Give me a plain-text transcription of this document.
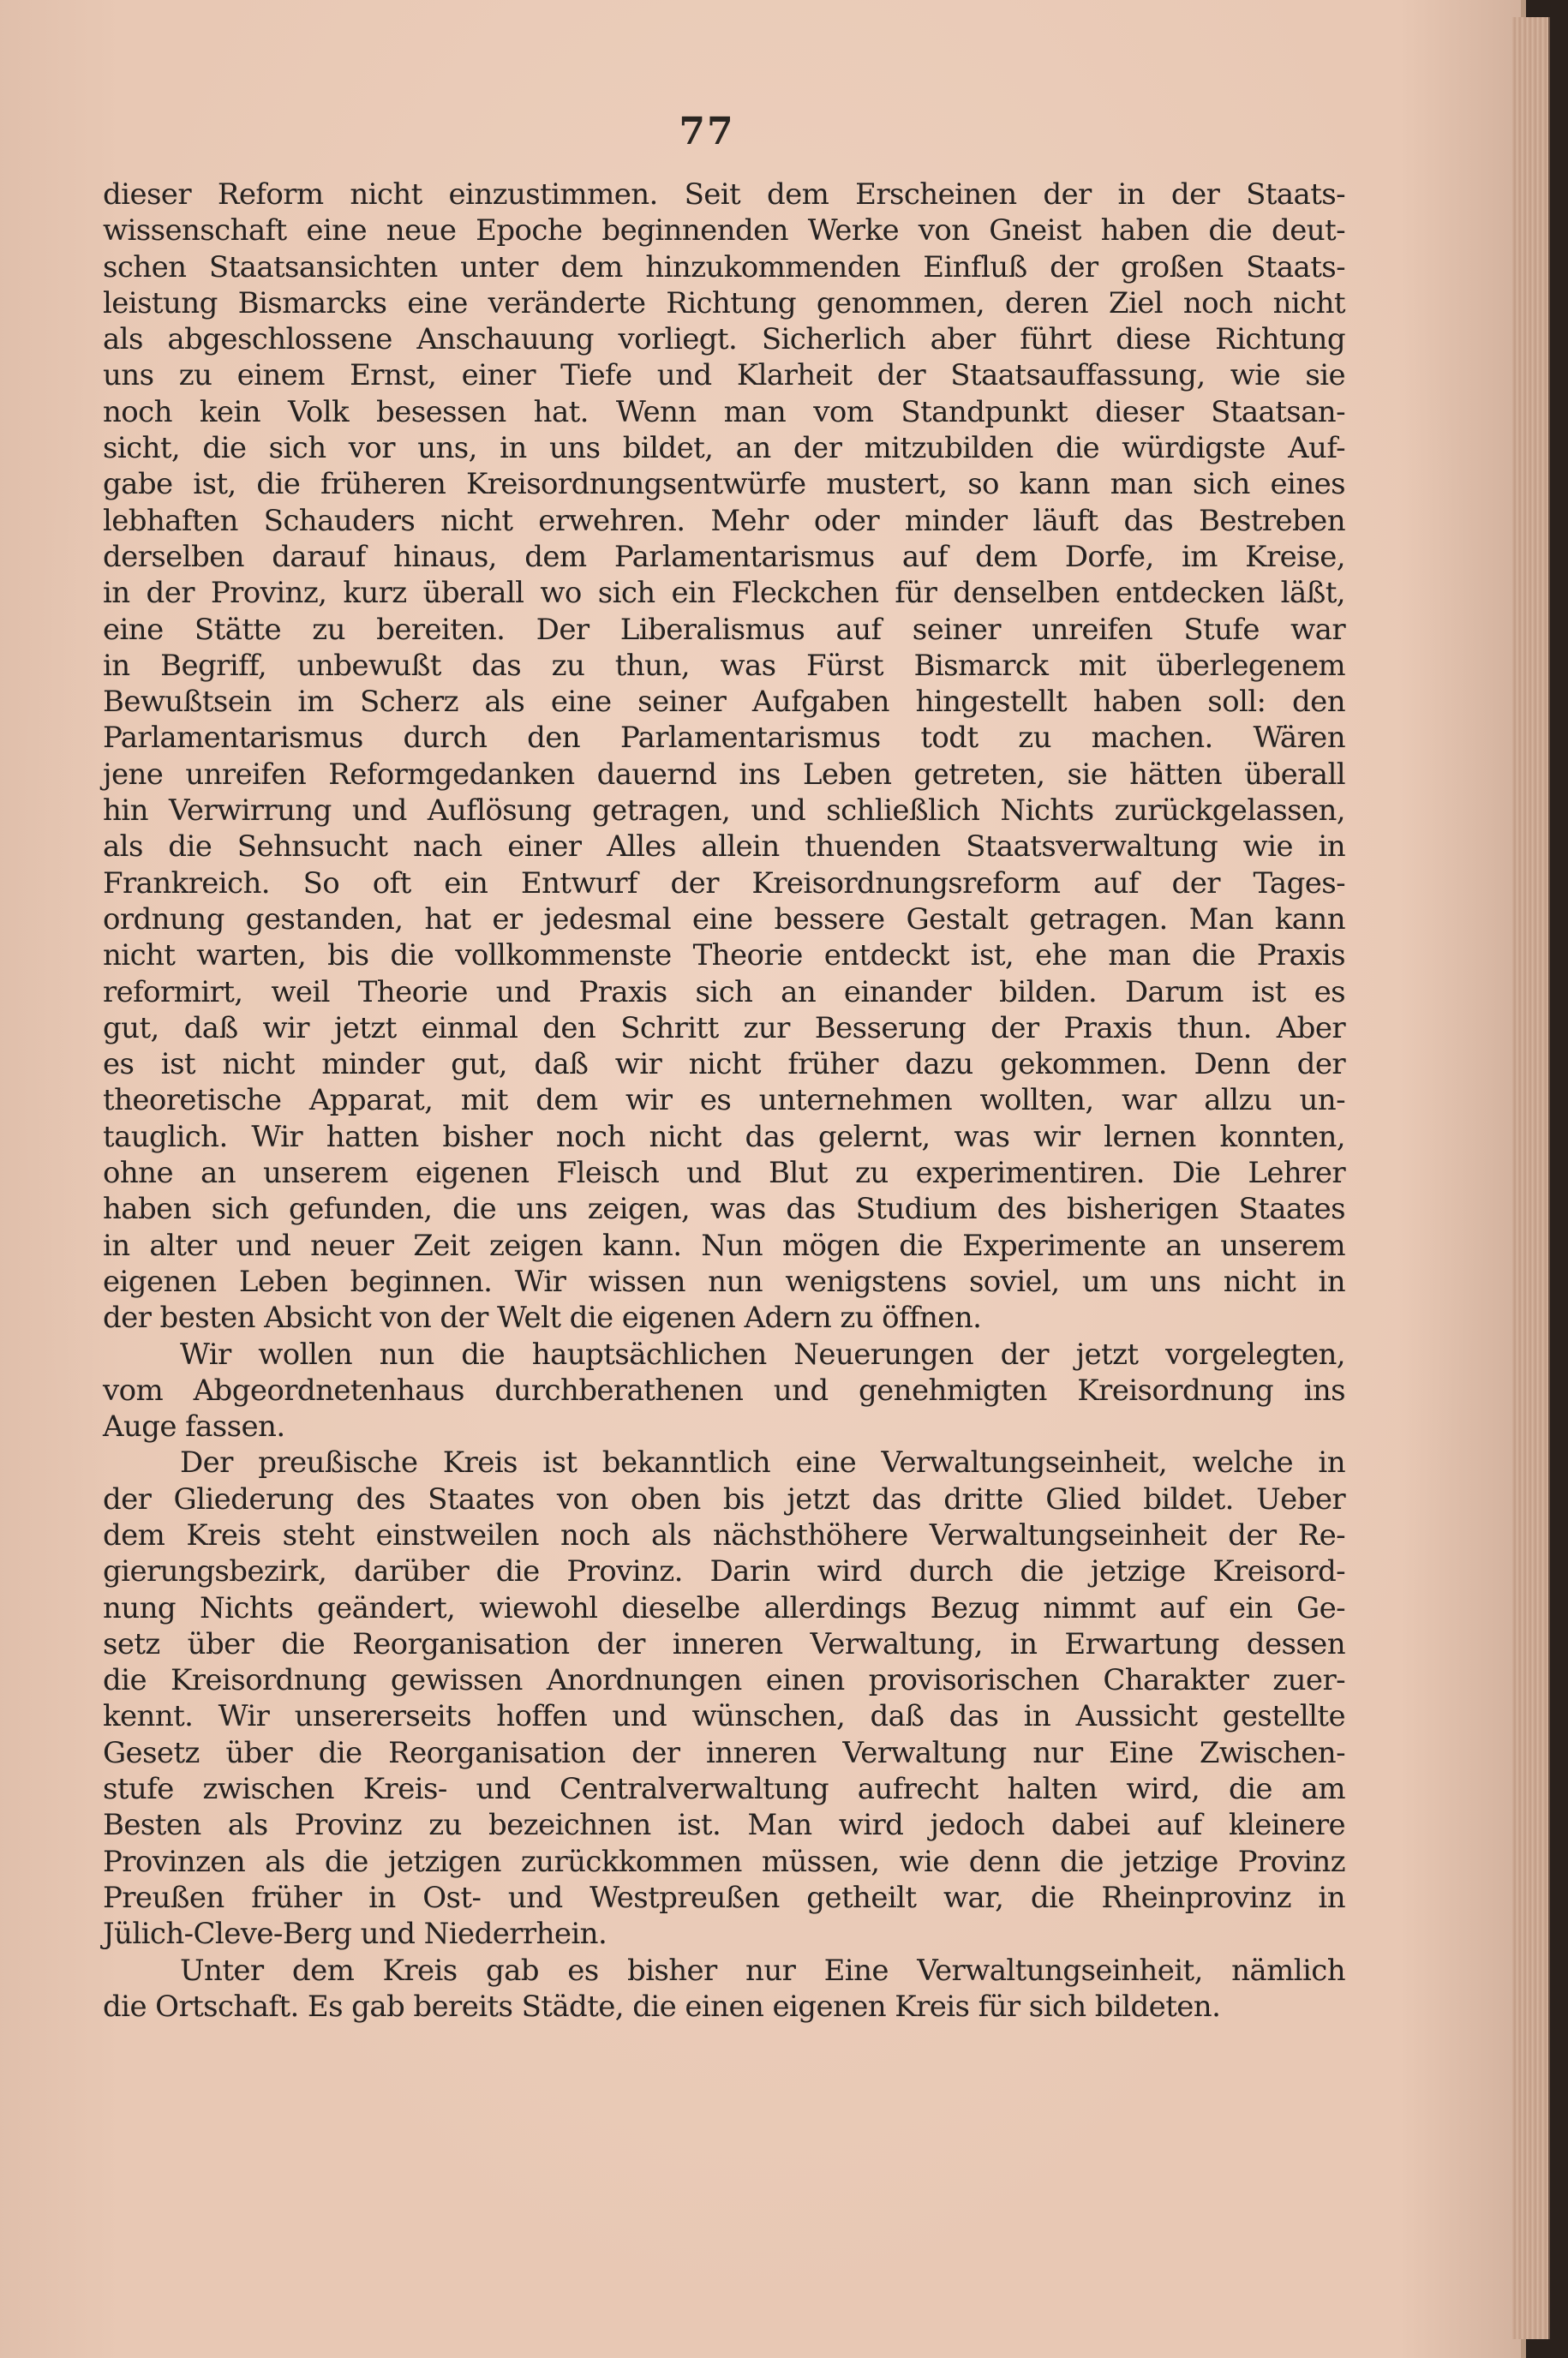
77

dieser Reform nicht einzustimmen. Seit dem Erscheinen der in der Staats-
wissenschaft eine neue Epoche beginnenden Werke von Gneist haben die deut-
schen Staatsansichten unter dem hinzukommenden Einfluß der großen Staats-
leistung Bismarcks eine veränderte Richtung genommen, deren Ziel noch nicht
als abgeschlossene Anschauung vorliegt. Sicherlich aber führt diese Richtung
uns zu einem Ernst, einer Tiefe und Klarheit der Staatsauffassung, wie sie
noch kein Volk besessen hat. Wenn man vom Standpunkt dieser Staatsan-
sicht, die sich vor uns, in uns bildet, an der mitzubilden die würdigste Auf-
gabe ist, die früheren Kreisordnungsentwürfe mustert, so kann man sich eines
lebhaften Schauders nicht erwehren. Mehr oder minder läuft das Bestreben
derselben darauf hinaus, dem Parlamentarismus auf dem Dorfe, im Kreise,
in der Provinz, kurz überall wo sich ein Fleckchen für denselben entdecken läßt,
eine Stätte zu bereiten. Der Liberalismus auf seiner unreifen Stufe war
in Begriff, unbewußt das zu thun, was Fürst Bismarck mit überlegenem
Bewußtsein im Scherz als eine seiner Aufgaben hingestellt haben soll: den
Parlamentarismus durch den Parlamentarismus todt zu machen. Wären
jene unreifen Reformgedanken dauernd ins Leben getreten, sie hätten überall
hin Verwirrung und Auflösung getragen, und schließlich Nichts zurückgelassen,
als die Sehnsucht nach einer Alles allein thuenden Staatsverwaltung wie in
Frankreich. So oft ein Entwurf der Kreisordnungsreform auf der Tages-
ordnung gestanden, hat er jedesmal eine bessere Gestalt getragen. Man kann
nicht warten, bis die vollkommenste Theorie entdeckt ist, ehe man die Praxis
reformirt, weil Theorie und Praxis sich an einander bilden. Darum ist es
gut, daß wir jetzt einmal den Schritt zur Besserung der Praxis thun. Aber
es ist nicht minder gut, daß wir nicht früher dazu gekommen. Denn der
theoretische Apparat, mit dem wir es unternehmen wollten, war allzu un-
tauglich. Wir hatten bisher noch nicht das gelernt, was wir lernen konnten,
ohne an unserem eigenen Fleisch und Blut zu experimentiren. Die Lehrer
haben sich gefunden, die uns zeigen, was das Studium des bisherigen Staates
in alter und neuer Zeit zeigen kann. Nun mögen die Experimente an unserem
eigenen Leben beginnen. Wir wissen nun wenigstens soviel, um uns nicht in
der besten Absicht von der Welt die eigenen Adern zu öffnen.

Wir wollen nun die hauptsächlichen Neuerungen der jetzt vorgelegten,
vom Abgeordnetenhaus durchberathenen und genehmigten Kreisordnung ins
Auge fassen.

Der preußische Kreis ist bekanntlich eine Verwaltungseinheit, welche in
der Gliederung des Staates von oben bis jetzt das dritte Glied bildet. Ueber
dem Kreis steht einstweilen noch als nächsthöhere Verwaltungseinheit der Re-
gierungsbezirk, darüber die Provinz. Darin wird durch die jetzige Kreisord-
nung Nichts geändert, wiewohl dieselbe allerdings Bezug nimmt auf ein Ge-
setz über die Reorganisation der inneren Verwaltung, in Erwartung dessen
die Kreisordnung gewissen Anordnungen einen provisorischen Charakter zuer-
kennt. Wir unsererseits hoffen und wünschen, daß das in Aussicht gestellte
Gesetz über die Reorganisation der inneren Verwaltung nur Eine Zwischen-
stufe zwischen Kreis- und Centralverwaltung aufrecht halten wird, die am
Besten als Provinz zu bezeichnen ist. Man wird jedoch dabei auf kleinere
Provinzen als die jetzigen zurückkommen müssen, wie denn die jetzige Provinz
Preußen früher in Ost- und Westpreußen getheilt war, die Rheinprovinz in
Jülich-Cleve-Berg und Niederrhein.

Unter dem Kreis gab es bisher nur Eine Verwaltungseinheit, nämlich
die Ortschaft. Es gab bereits Städte, die einen eigenen Kreis für sich bildeten.
